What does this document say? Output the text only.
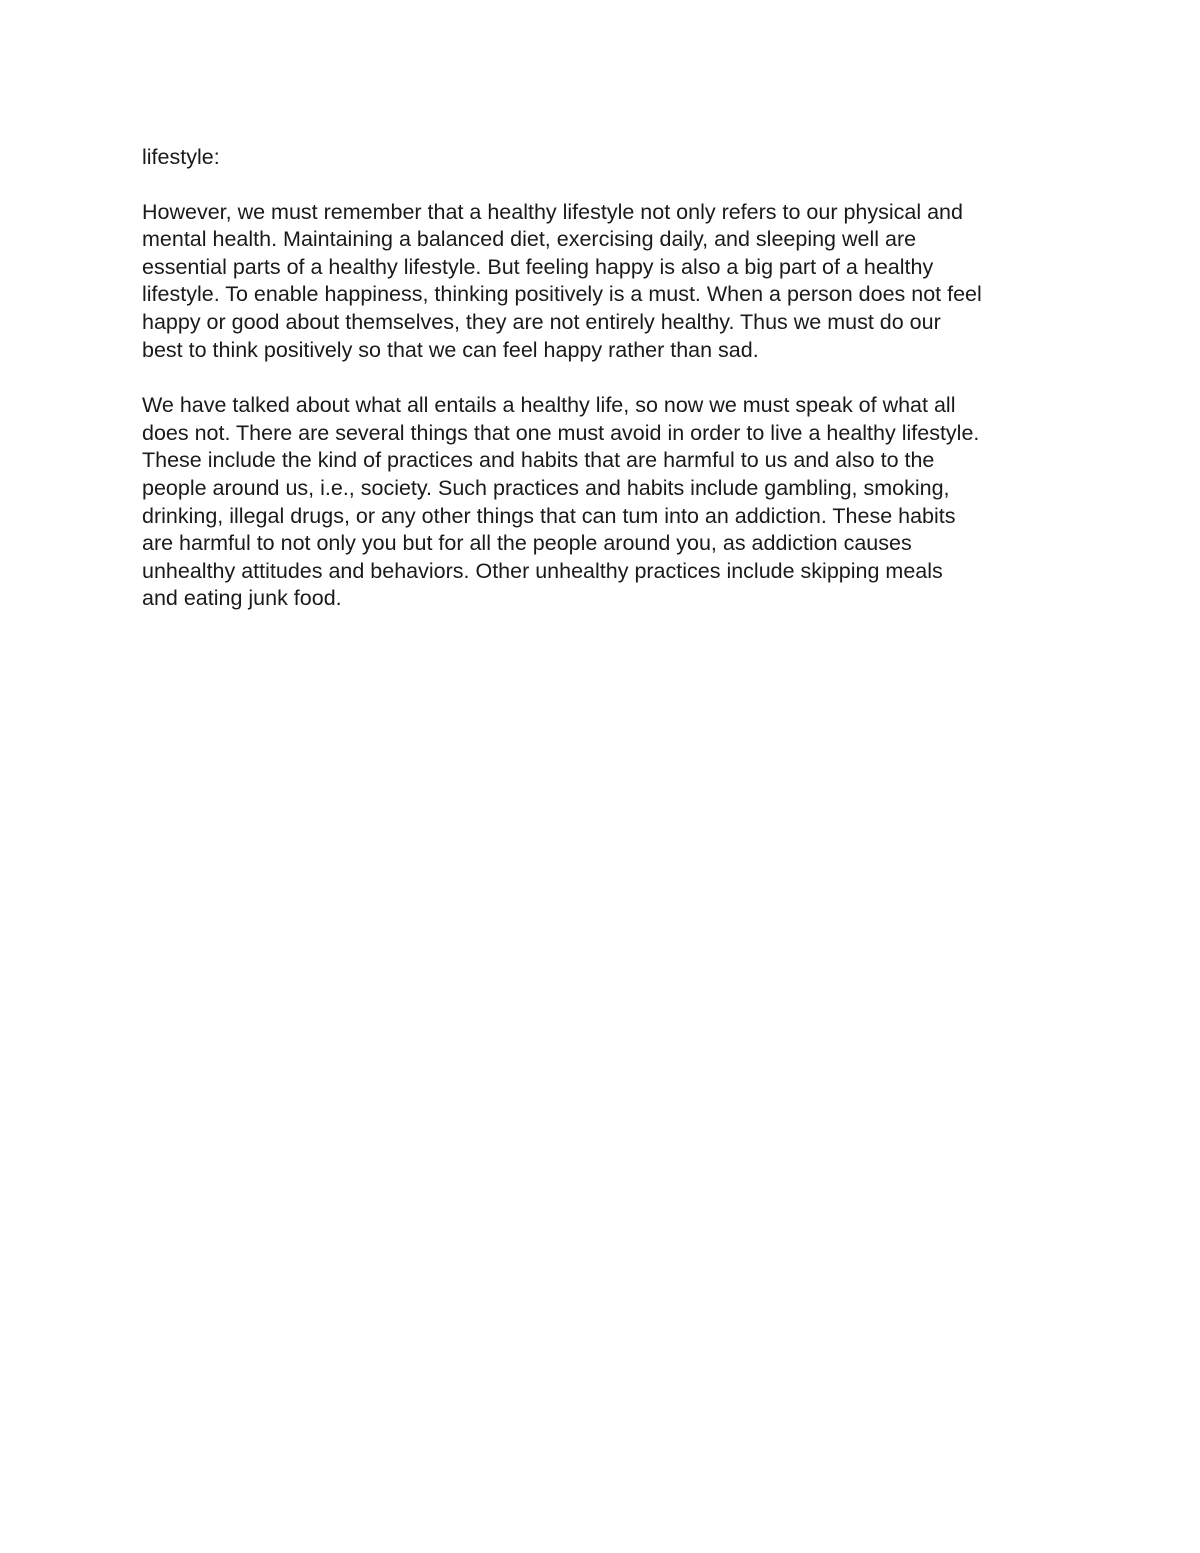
lifestyle:

However, we must remember that a healthy lifestyle not only refers to our physical and
mental health. Maintaining a balanced diet, exercising daily, and sleeping well are
essential parts of a healthy lifestyle. But feeling happy is also a big part of a healthy
lifestyle. To enable happiness, thinking positively is a must. When a person does not feel
happy or good about themselves, they are not entirely healthy. Thus we must do our
best to think positively so that we can feel happy rather than sad.

We have talked about what all entails a healthy life, so now we must speak of what all
does not. There are several things that one must avoid in order to live a healthy lifestyle.
These include the kind of practices and habits that are harmful to us and also to the
people around us, i.e., society. Such practices and habits include gambling, smoking,
drinking, illegal drugs, or any other things that can tum into an addiction. These habits
are harmful to not only you but for all the people around you, as addiction causes
unhealthy attitudes and behaviors. Other unhealthy practices include skipping meals
and eating junk food.
